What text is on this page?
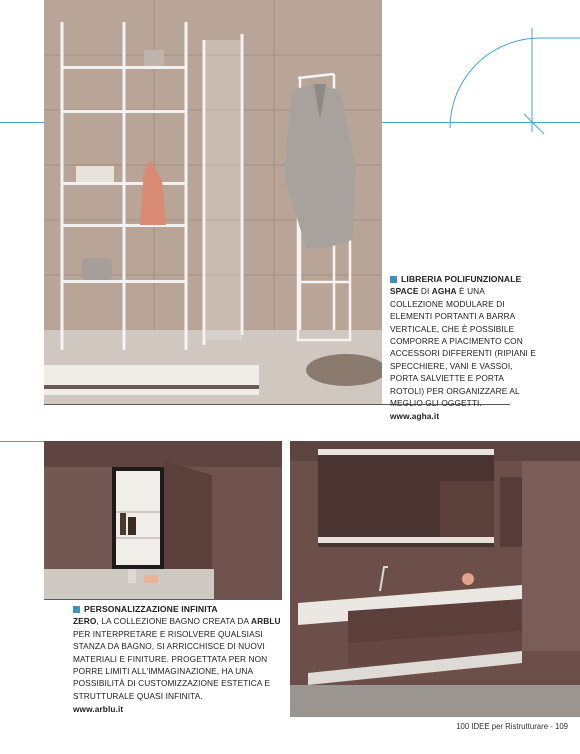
LIBRERIA POLIFUNZIONALE
SPACE DI AGHA È UNA COLLEZIONE MODULARE DI ELEMENTI PORTANTI A BARRA VERTICALE, CHE È POSSIBILE COMPORRE A PIACIMENTO CON ACCESSORI DIFFERENTI (RIPIANI E SPECCHIERE, VANI E VASSOI, PORTA SALVIETTE E PORTA ROTOLI) PER ORGANIZZARE AL MEGLIO GLI OGGETTI.
www.agha.it
PERSONALIZZAZIONE INFINITA
ZERO, LA COLLEZIONE BAGNO CREATA DA ARBLU PER INTERPRETARE E RISOLVERE QUALSIASI STANZA DA BAGNO, SI ARRICCHISCE DI NUOVI MATERIALI E FINITURE. PROGETTATA PER NON PORRE LIMITI ALL'IMMAGINAZIONE, HA UNA POSSIBILITÀ DI CUSTOMIZZAZIONE ESTETICA E STRUTTURALE QUASI INFINITA.
www.arblu.it
100 IDEE per Ristrutturare - 109
